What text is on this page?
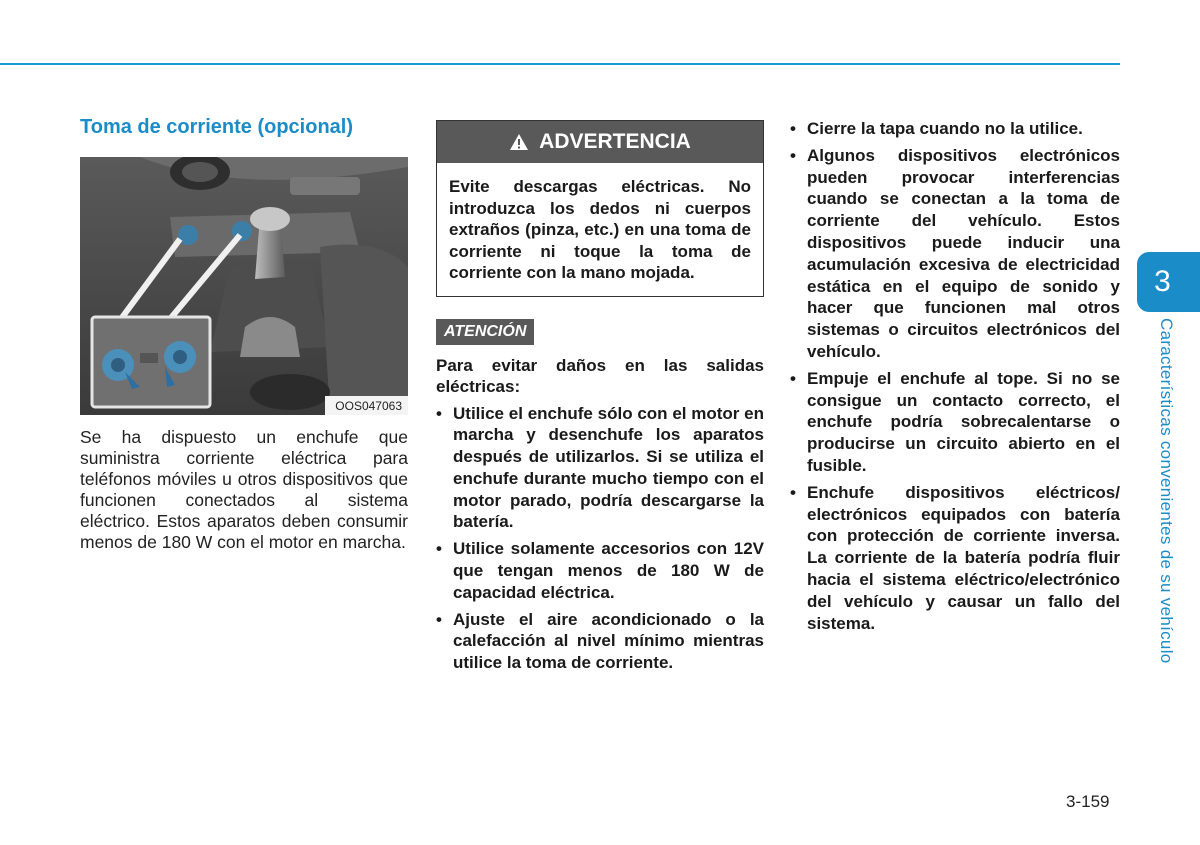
Toma de corriente (opcional)
OOS047063
Se ha dispuesto un enchufe que suministra corriente eléctrica para teléfonos móviles u otros dispositivos que funcionen conectados al sistema eléctrico. Estos aparatos deben consumir menos de 180 W con el motor en marcha.
ADVERTENCIA
Evite descargas eléctricas. No introduzca los dedos ni cuerpos extraños (pinza, etc.) en una toma de corriente ni toque la toma de corriente con la mano mojada.
ATENCIÓN
Para evitar daños en las salidas eléctricas:
• Utilice el enchufe sólo con el motor en marcha y desenchufe los aparatos después de utilizarlos. Si se utiliza el enchufe durante mucho tiempo con el motor parado, podría descargarse la batería.
• Utilice solamente accesorios con 12V que tengan menos de 180 W de capacidad eléctrica.
• Ajuste el aire acondicionado o la calefacción al nivel mínimo mientras utilice la toma de corriente.
• Cierre la tapa cuando no la utilice.
• Algunos dispositivos electrónicos pueden provocar interferencias cuando se conectan a la toma de corriente del vehículo. Estos dispositivos puede inducir una acumulación excesiva de electricidad estática en el equipo de sonido y hacer que funcionen mal otros sistemas o circuitos electrónicos del vehículo.
• Empuje el enchufe al tope. Si no se consigue un contacto correcto, el enchufe podría sobrecalentarse o producirse un circuito abierto en el fusible.
• Enchufe dispositivos eléctricos/ electrónicos equipados con batería con protección de corriente inversa. La corriente de la batería podría fluir hacia el sistema eléctrico/electrónico del vehículo y causar un fallo del sistema.
3
Características convenientes de su vehículo
3-159
